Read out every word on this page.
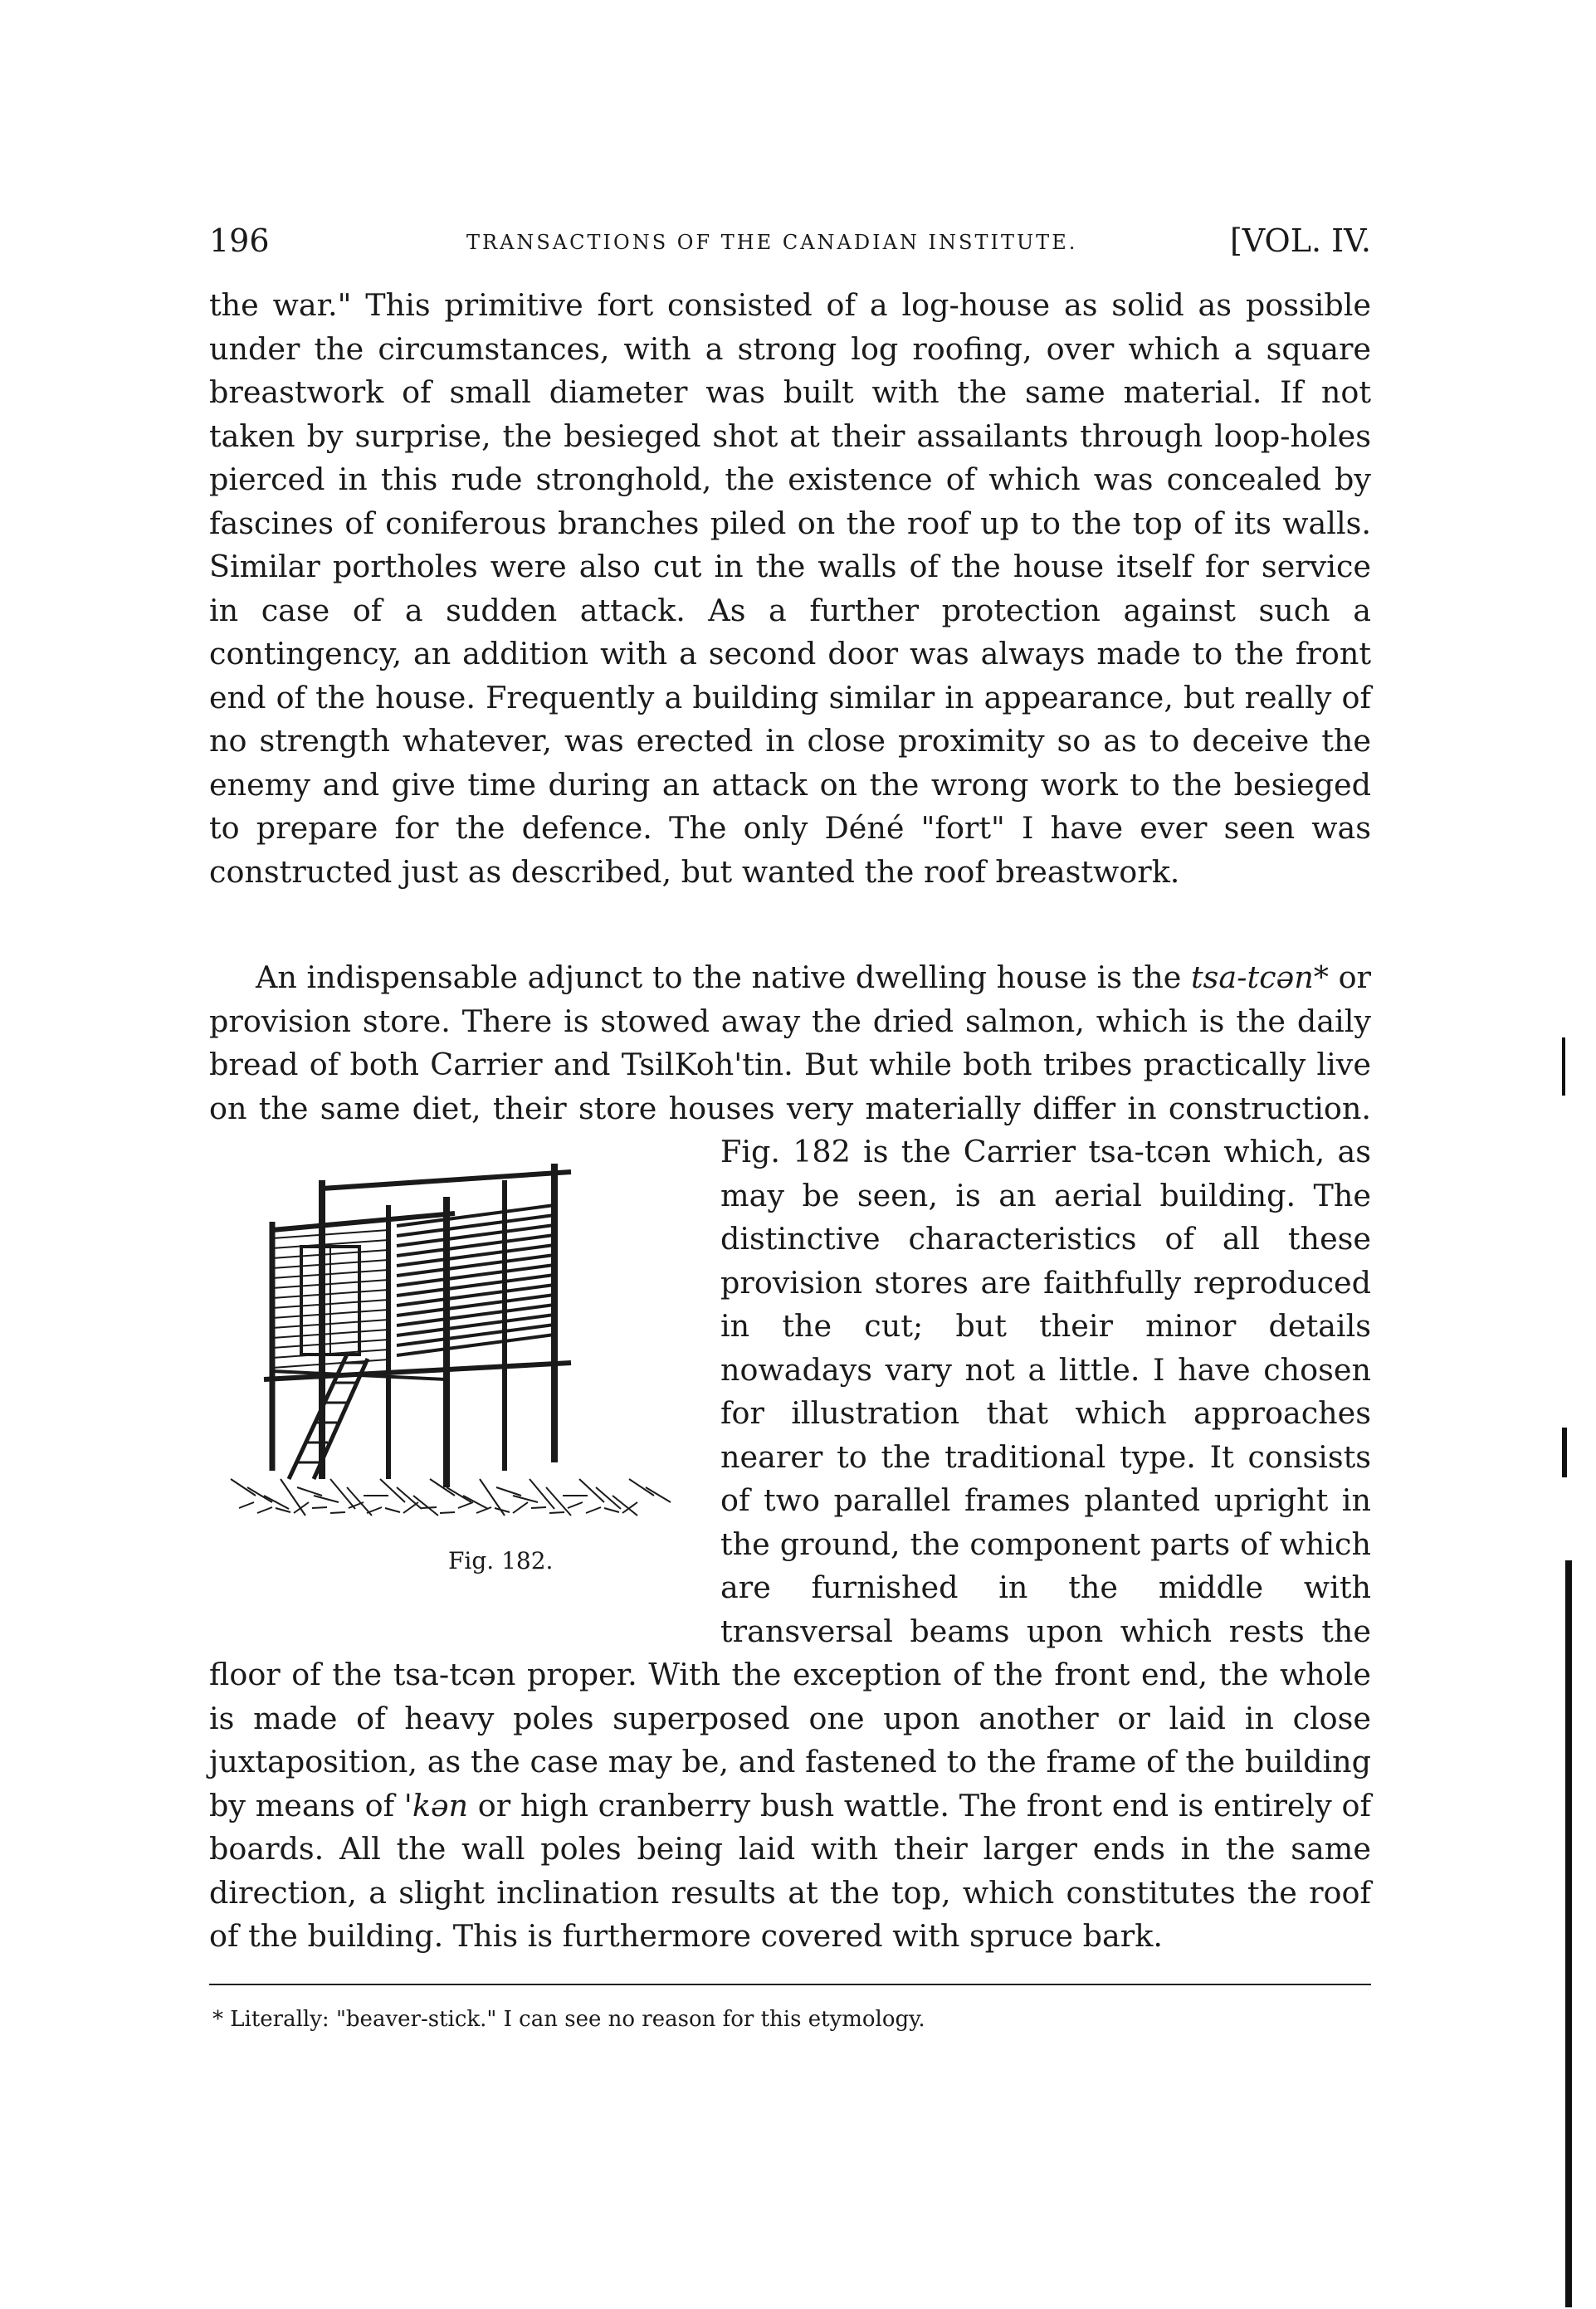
196	TRANSACTIONS OF THE CANADIAN INSTITUTE.	[VOL. IV.

the war." This primitive fort consisted of a log-house as solid as possible under the circumstances, with a strong log roofing, over which a square breastwork of small diameter was built with the same material. If not taken by surprise, the besieged shot at their assailants through loop-holes pierced in this rude stronghold, the existence of which was concealed by fascines of coniferous branches piled on the roof up to the top of its walls. Similar portholes were also cut in the walls of the house itself for service in case of a sudden attack. As a further protection against such a contingency, an addition with a second door was always made to the front end of the house. Frequently a building similar in appearance, but really of no strength whatever, was erected in close proximity so as to deceive the enemy and give time during an attack on the wrong work to the besieged to prepare for the defence. The only Déné "fort" I have ever seen was constructed just as described, but wanted the roof breastwork.

An indispensable adjunct to the native dwelling house is the tsa-tcən* or provision store. There is stowed away the dried salmon, which is the daily bread of both Carrier and TsilKoh'tin. But while both tribes practically live on the same diet, their store houses very materially differ
Fig. 182.
in construction. Fig. 182 is the Carrier tsa-tcən which, as may be seen, is an aerial building. The distinctive characteristics of all these provision stores are faithfully reproduced in the cut; but their minor details nowadays vary not a little. I have chosen for illustration that which approaches nearer to the traditional type. It consists of two parallel frames planted upright in the ground, the component parts of which are furnished in the middle with transversal beams upon which rests the floor of the tsa-tcən proper. With the exception of the front end, the whole is made of heavy poles superposed one upon another or laid in close juxtaposition, as the case may be, and fastened to the frame of the building by means of 'kən or high cranberry bush wattle. The front end is entirely of boards. All the wall poles being laid with their larger ends in the same direction, a slight inclination results at the top, which constitutes the roof of the building. This is furthermore covered with spruce bark.

* Literally: "beaver-stick." I can see no reason for this etymology.
